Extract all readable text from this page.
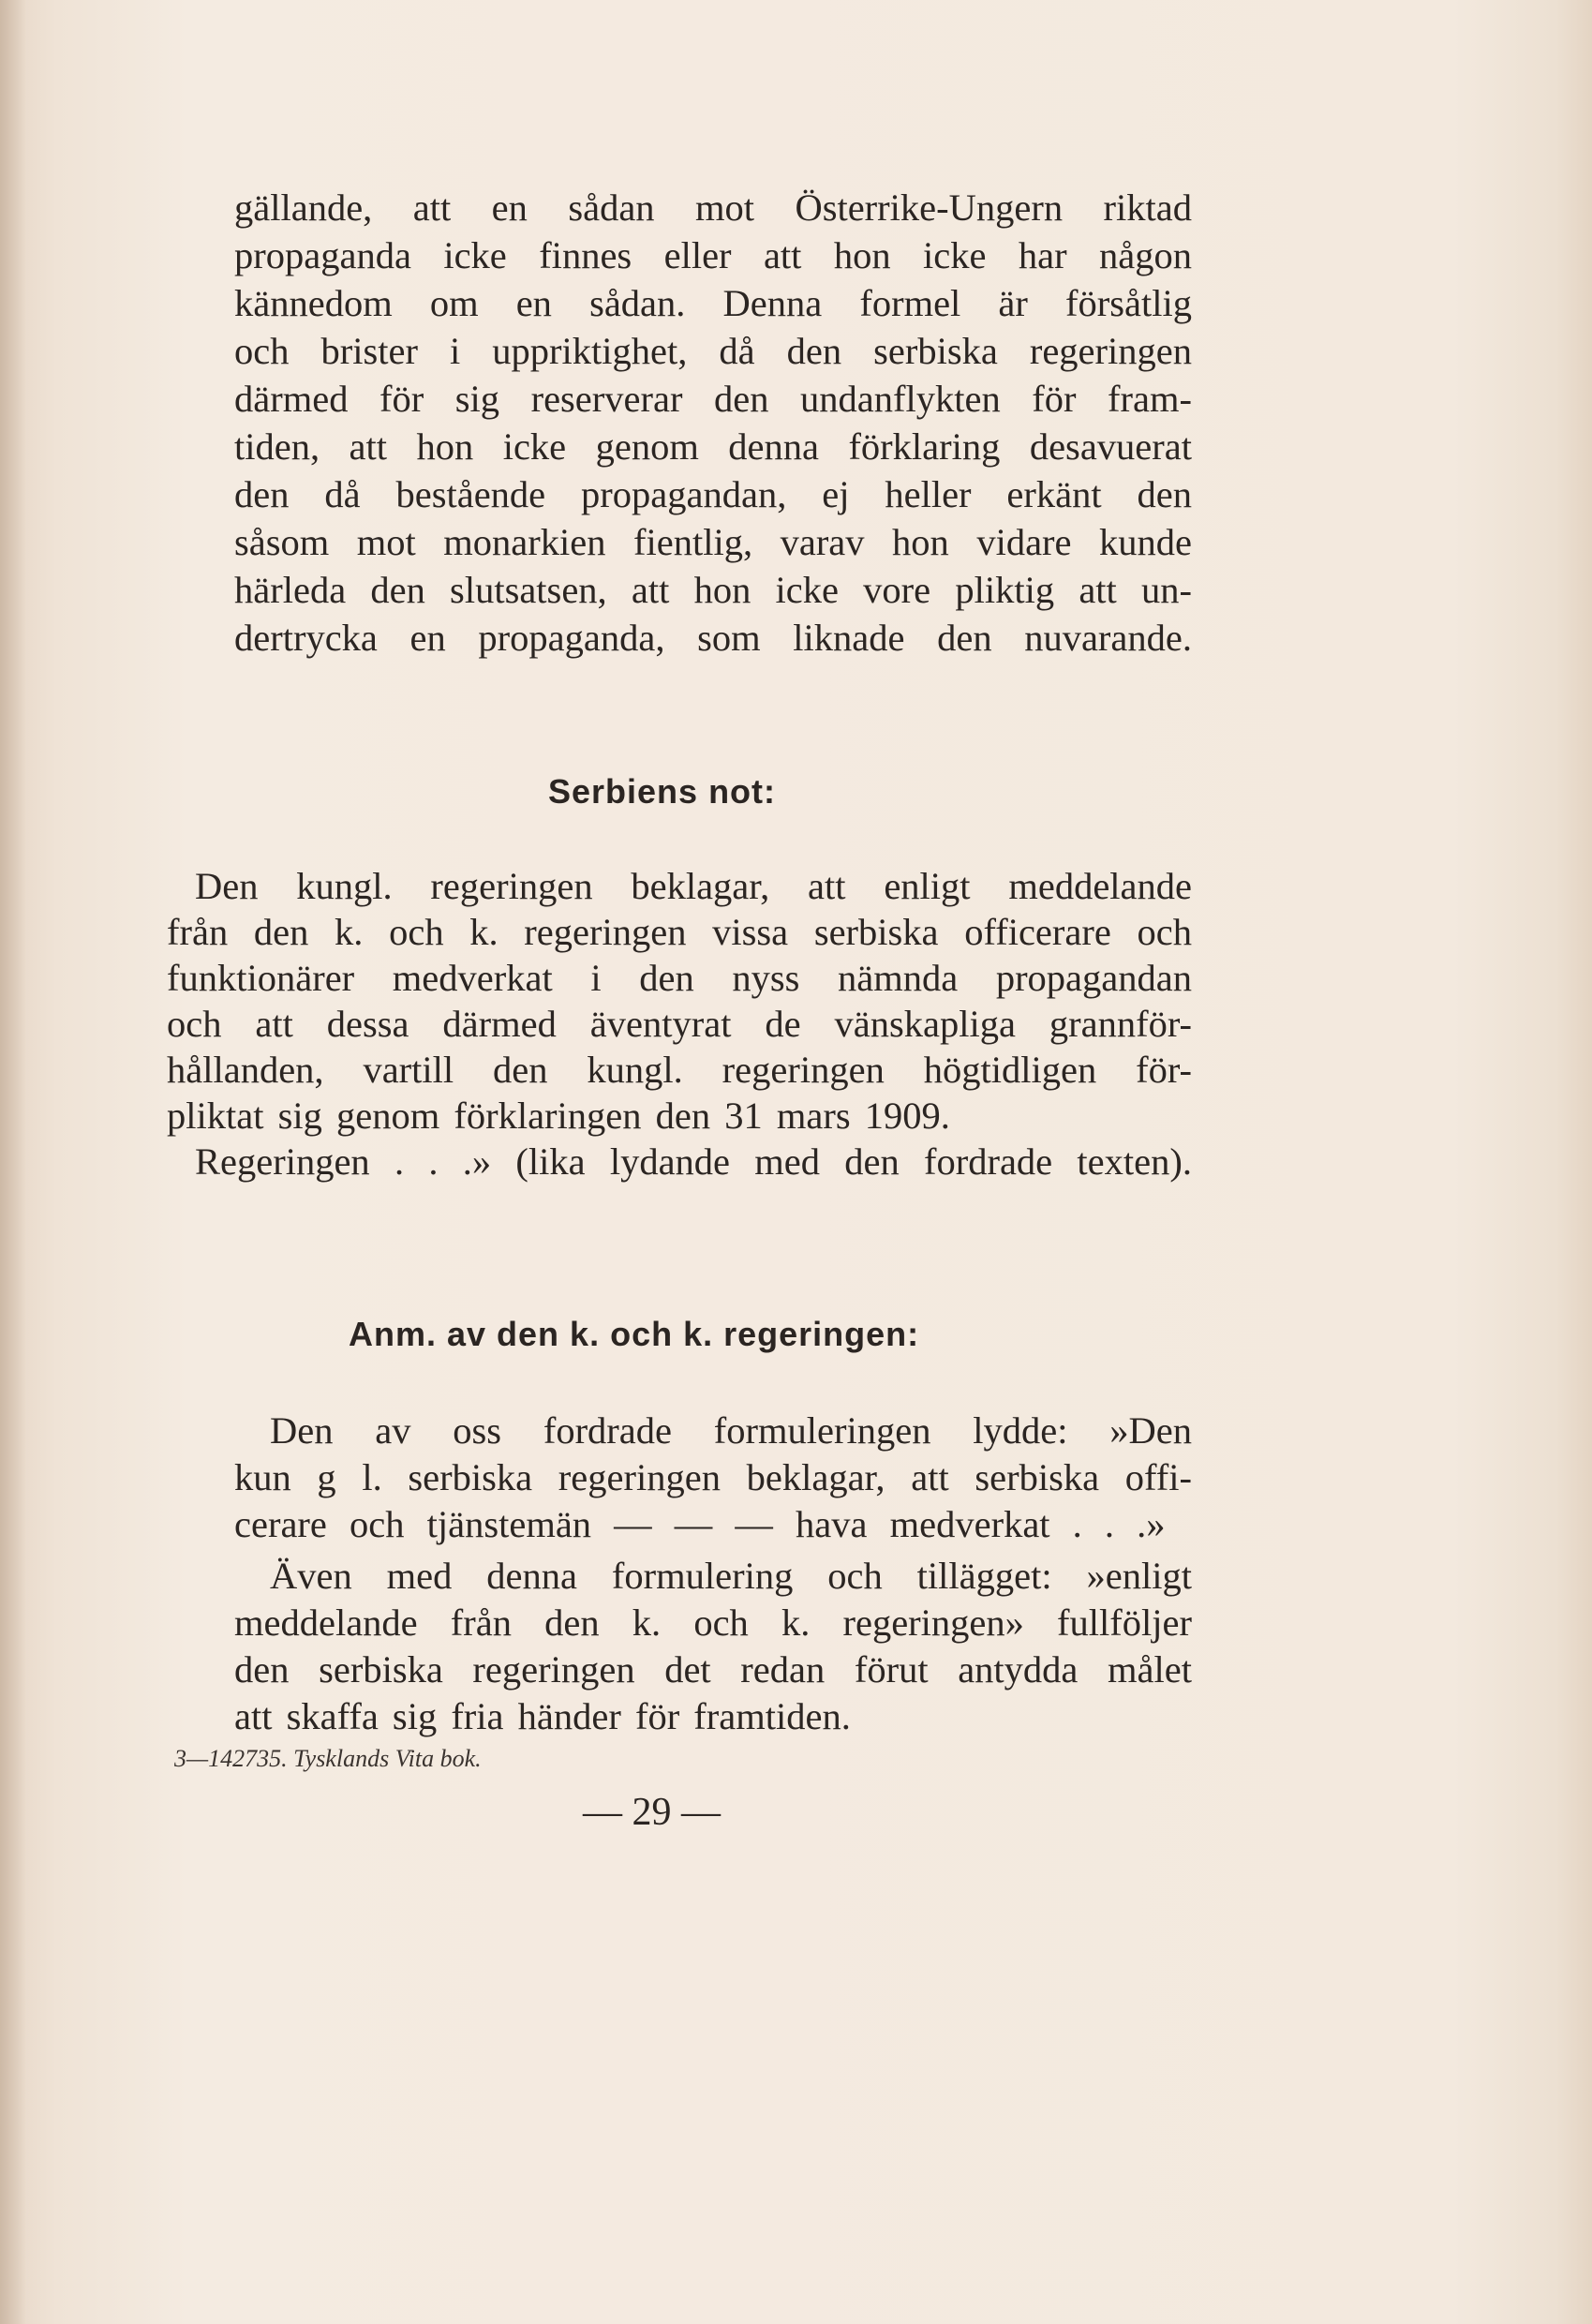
gällande, att en sådan mot Österrike-Ungern riktad
propaganda icke finnes eller att hon icke har någon
kännedom om en sådan. Denna formel är försåtlig
och brister i uppriktighet, då den serbiska regeringen
därmed för sig reserverar den undanflykten för fram-
tiden, att hon icke genom denna förklaring desavuerat
den då bestående propagandan, ej heller erkänt den
såsom mot monarkien fientlig, varav hon vidare kunde
härleda den slutsatsen, att hon icke vore pliktig att un-
dertrycka en propaganda, som liknade den nuvarande.
Serbiens not:
Den kungl. regeringen beklagar, att enligt meddelande
från den k. och k. regeringen vissa serbiska officerare och
funktionärer medverkat i den nyss nämnda propagandan
och att dessa därmed äventyrat de vänskapliga grannför-
hållanden, vartill den kungl. regeringen högtidligen för-
pliktat sig genom förklaringen den 31 mars 1909.
Regeringen . . .» (lika lydande med den fordrade texten).
Anm. av den k. och k. regeringen:
Den av oss fordrade formuleringen lydde: »Den
kun g l. serbiska regeringen beklagar, att serbiska offi-
cerare och tjänstemän — — — hava medverkat . . .»
Även med denna formulering och tillägget: »enligt
meddelande från den k. och k. regeringen» fullföljer
den serbiska regeringen det redan förut antydda målet
att skaffa sig fria händer för framtiden.
3—142735. Tysklands Vita bok.
— 29 —
